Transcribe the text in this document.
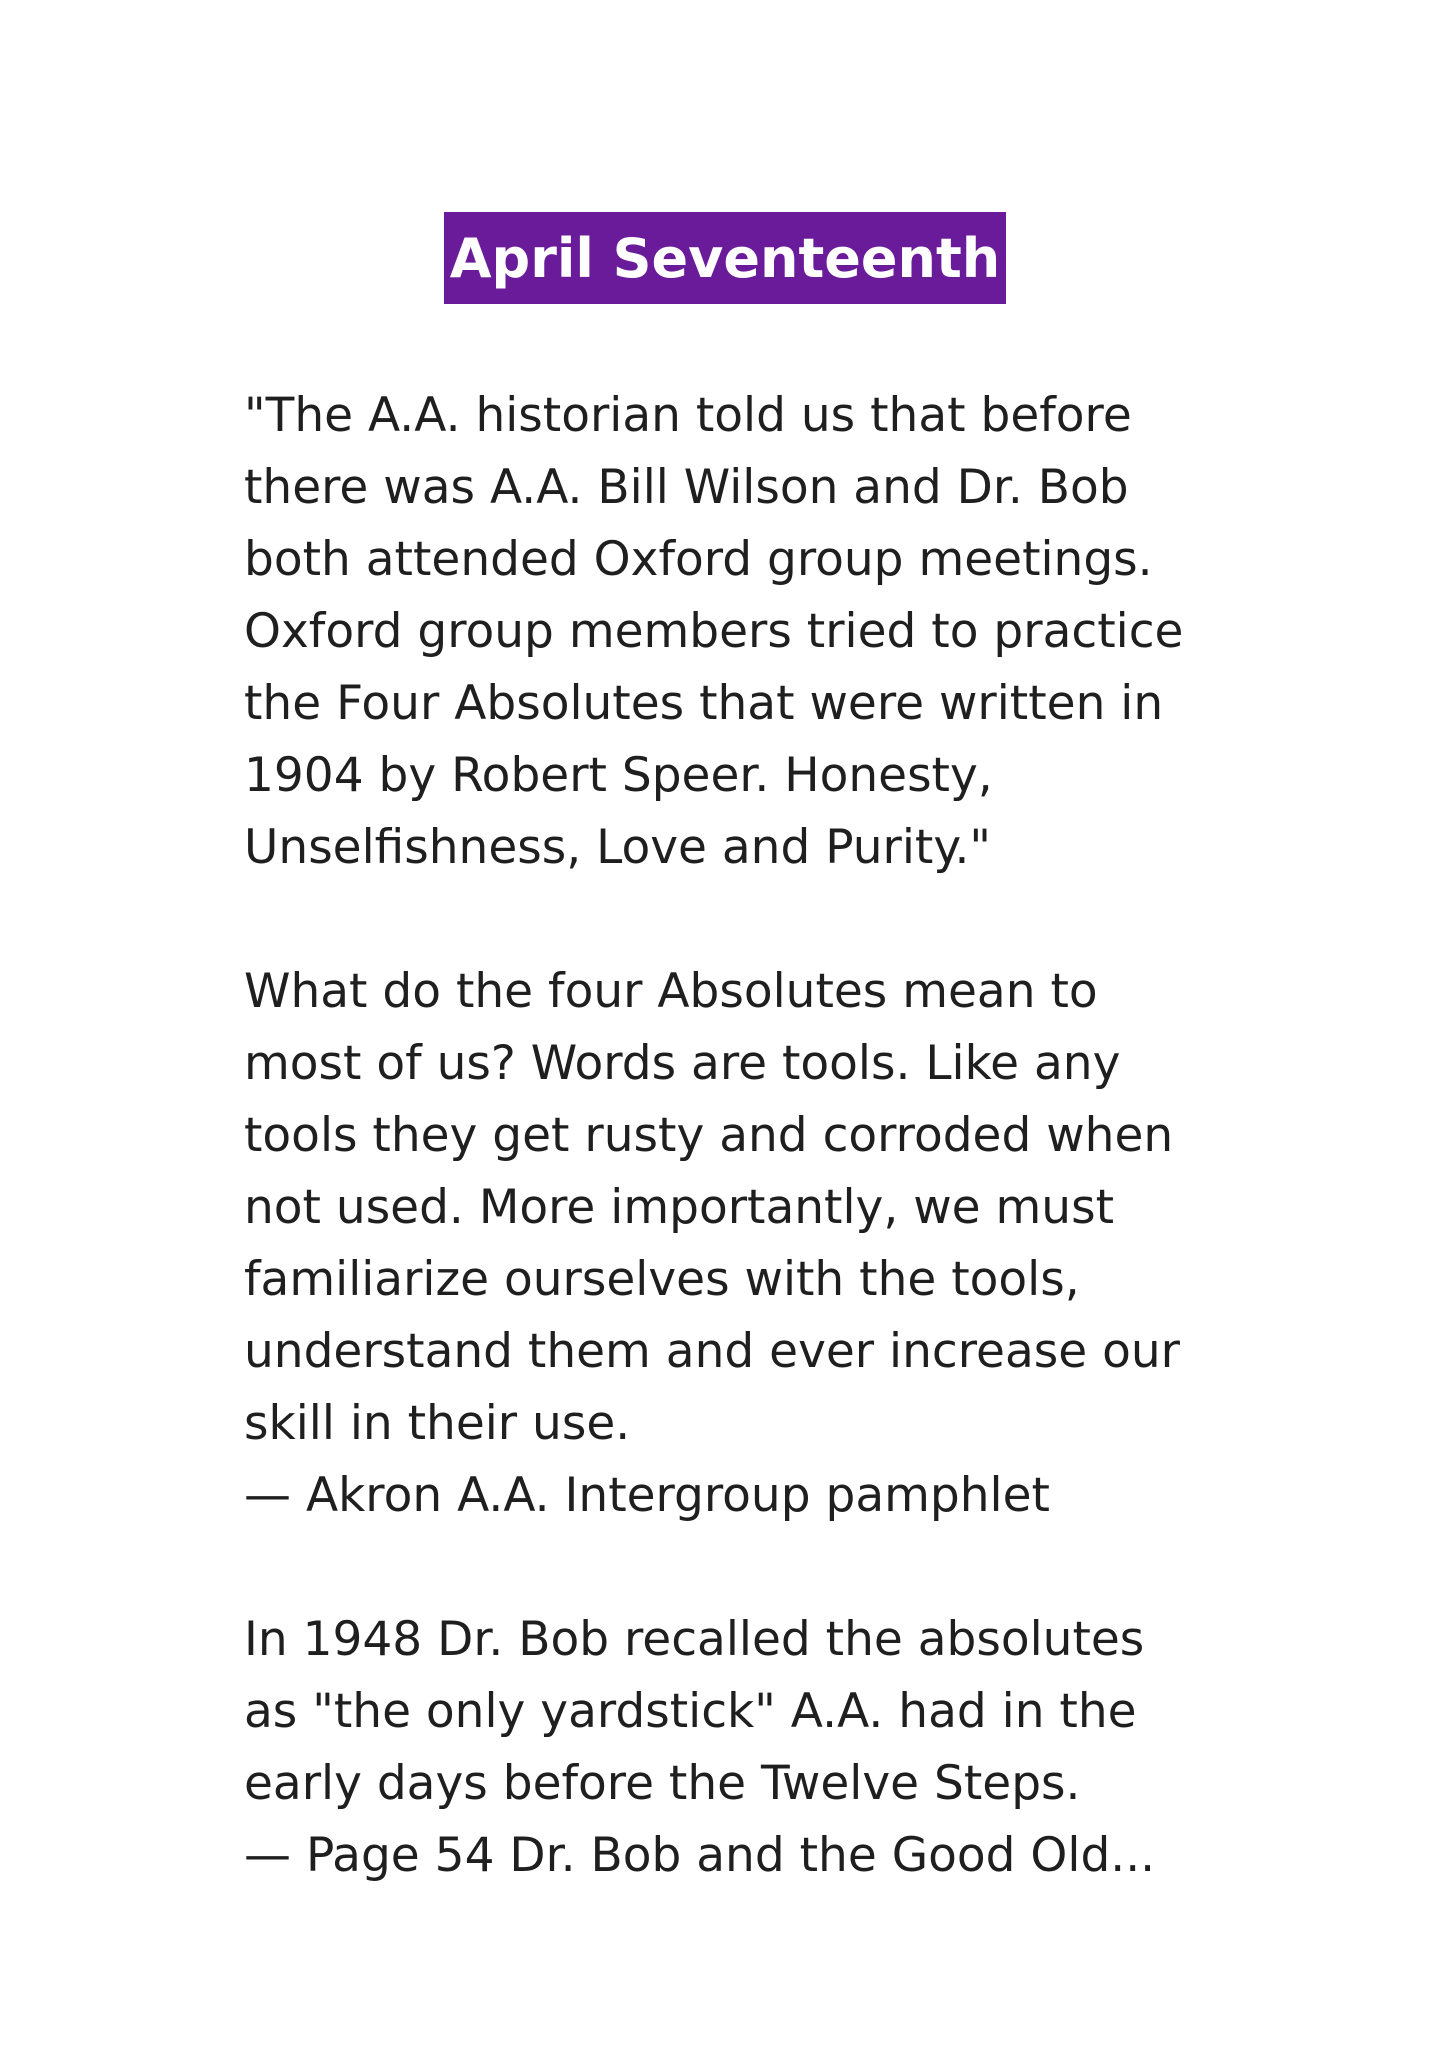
April Seventeenth
"The A.A. historian told us that before
there was A.A. Bill Wilson and Dr. Bob
both attended Oxford group meetings.
Oxford group members tried to practice
the Four Absolutes that were written in
1904 by Robert Speer. Honesty,
Unselfishness, Love and Purity."
What do the four Absolutes mean to
most of us? Words are tools. Like any
tools they get rusty and corroded when
not used. More importantly, we must
familiarize ourselves with the tools,
understand them and ever increase our
skill in their use.
— Akron A.A. Intergroup pamphlet
In 1948 Dr. Bob recalled the absolutes
as "the only yardstick" A.A. had in the
early days before the Twelve Steps.
— Page 54 Dr. Bob and the Good Old...
